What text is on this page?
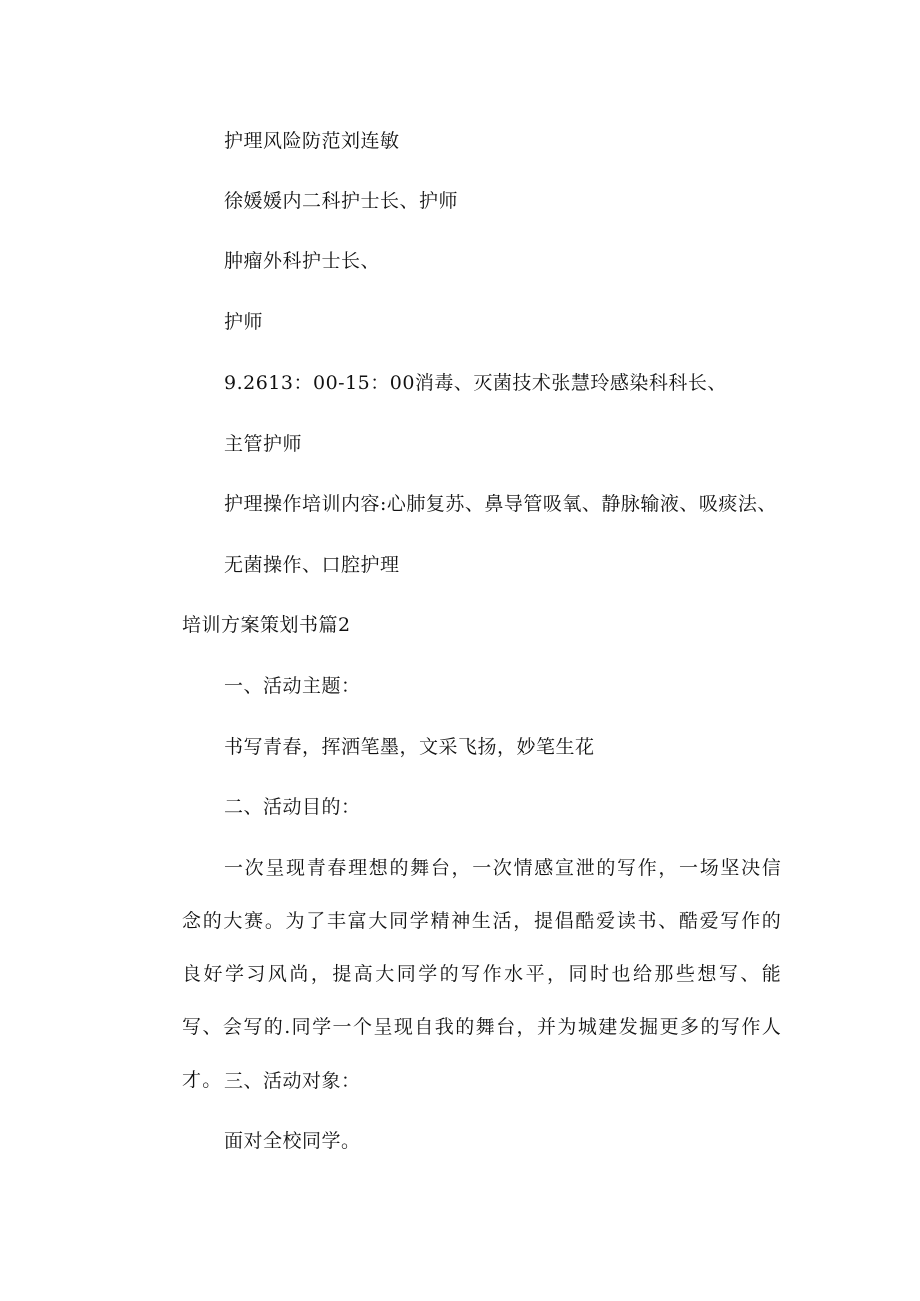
护理风险防范刘连敏
徐媛媛内二科护士长、护师
肿瘤外科护士长、
护师
9.2613：00-15：00消毒、灭菌技术张慧玲感染科科长、
主管护师
护理操作培训内容:心肺复苏、鼻导管吸氧、静脉输液、吸痰法、
无菌操作、口腔护理
培训方案策划书篇2
一、活动主题：
书写青春，挥洒笔墨，文采飞扬，妙笔生花
二、活动目的：
一次呈现青春理想的舞台，一次情感宣泄的写作，一场坚决信念的大赛。为了丰富大同学精神生活，提倡酷爱读书、酷爱写作的良好学习风尚，提高大同学的写作水平，同时也给那些想写、能写、会写的.同学一个呈现自我的舞台，并为城建发掘更多的写作人才。 三、活动对象：
面对全校同学。
